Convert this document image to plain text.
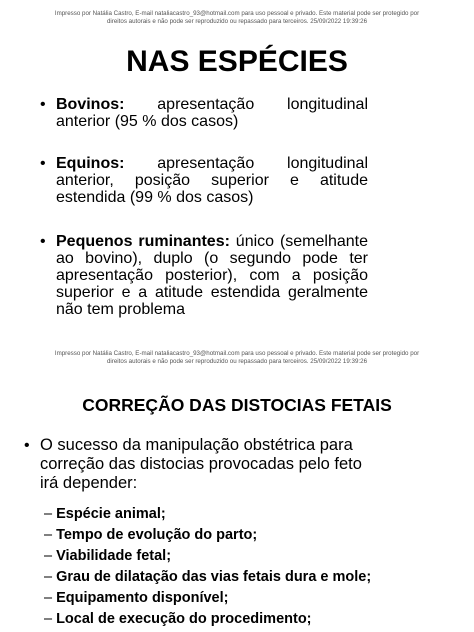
Impresso por Natália Castro, E-mail nataliacastro_93@hotmail.com para uso pessoal e privado. Este material pode ser protegido por
direitos autorais e não pode ser reproduzido ou repassado para terceiros. 25/09/2022 19:39:26
NAS ESPÉCIES
• Bovinos: apresentação longitudinal anterior (95 % dos casos)
• Equinos: apresentação longitudinal anterior, posição superior e atitude estendida (99 % dos casos)
• Pequenos ruminantes: único (semelhante ao bovino), duplo (o segundo pode ter apresentação posterior), com a posição superior e a atitude estendida geralmente não tem problema
Impresso por Natália Castro, E-mail nataliacastro_93@hotmail.com para uso pessoal e privado. Este material pode ser protegido por
direitos autorais e não pode ser reproduzido ou repassado para terceiros. 25/09/2022 19:39:26
CORREÇÃO DAS DISTOCIAS FETAIS
• O sucesso da manipulação obstétrica para correção das distocias provocadas pelo feto irá depender:
– Espécie animal;
– Tempo de evolução do parto;
– Viabilidade fetal;
– Grau de dilatação das vias fetais dura e mole;
– Equipamento disponível;
– Local de execução do procedimento;
